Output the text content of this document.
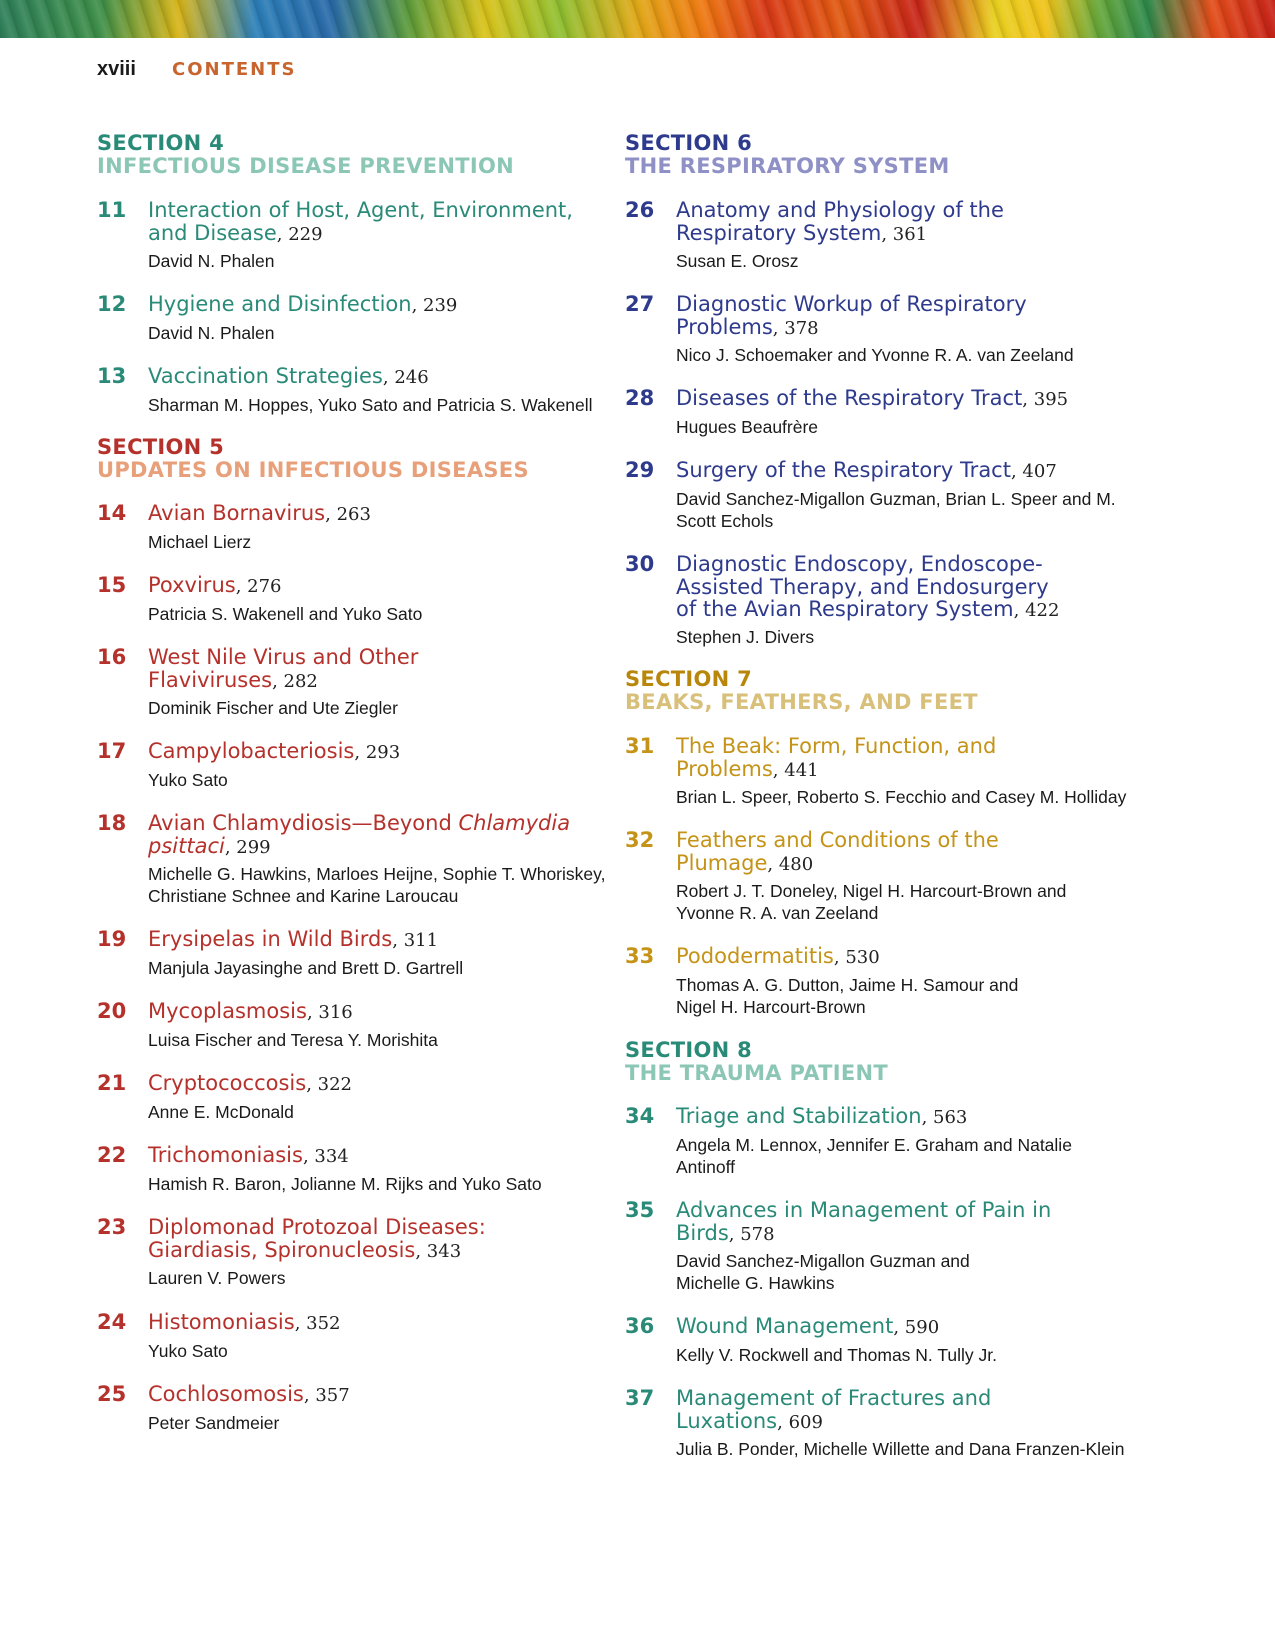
xviii CONTENTS
SECTION 4
INFECTIOUS DISEASE PREVENTION
11 Interaction of Host, Agent, Environment, and Disease, 229
David N. Phalen
12 Hygiene and Disinfection, 239
David N. Phalen
13 Vaccination Strategies, 246
Sharman M. Hoppes, Yuko Sato and Patricia S. Wakenell
SECTION 5
UPDATES ON INFECTIOUS DISEASES
14 Avian Bornavirus, 263
Michael Lierz
15 Poxvirus, 276
Patricia S. Wakenell and Yuko Sato
16 West Nile Virus and Other Flaviviruses, 282
Dominik Fischer and Ute Ziegler
17 Campylobacteriosis, 293
Yuko Sato
18 Avian Chlamydiosis—Beyond Chlamydia psittaci, 299
Michelle G. Hawkins, Marloes Heijne, Sophie T. Whoriskey, Christiane Schnee and Karine Laroucau
19 Erysipelas in Wild Birds, 311
Manjula Jayasinghe and Brett D. Gartrell
20 Mycoplasmosis, 316
Luisa Fischer and Teresa Y. Morishita
21 Cryptococcosis, 322
Anne E. McDonald
22 Trichomoniasis, 334
Hamish R. Baron, Jolianne M. Rijks and Yuko Sato
23 Diplomonad Protozoal Diseases: Giardiasis, Spironucleosis, 343
Lauren V. Powers
24 Histomoniasis, 352
Yuko Sato
25 Cochlosomosis, 357
Peter Sandmeier
SECTION 6
THE RESPIRATORY SYSTEM
26 Anatomy and Physiology of the Respiratory System, 361
Susan E. Orosz
27 Diagnostic Workup of Respiratory Problems, 378
Nico J. Schoemaker and Yvonne R. A. van Zeeland
28 Diseases of the Respiratory Tract, 395
Hugues Beaufrère
29 Surgery of the Respiratory Tract, 407
David Sanchez-Migallon Guzman, Brian L. Speer and M. Scott Echols
30 Diagnostic Endoscopy, Endoscope-Assisted Therapy, and Endosurgery of the Avian Respiratory System, 422
Stephen J. Divers
SECTION 7
BEAKS, FEATHERS, AND FEET
31 The Beak: Form, Function, and Problems, 441
Brian L. Speer, Roberto S. Fecchio and Casey M. Holliday
32 Feathers and Conditions of the Plumage, 480
Robert J. T. Doneley, Nigel H. Harcourt-Brown and Yvonne R. A. van Zeeland
33 Pododermatitis, 530
Thomas A. G. Dutton, Jaime H. Samour and Nigel H. Harcourt-Brown
SECTION 8
THE TRAUMA PATIENT
34 Triage and Stabilization, 563
Angela M. Lennox, Jennifer E. Graham and Natalie Antinoff
35 Advances in Management of Pain in Birds, 578
David Sanchez-Migallon Guzman and Michelle G. Hawkins
36 Wound Management, 590
Kelly V. Rockwell and Thomas N. Tully Jr.
37 Management of Fractures and Luxations, 609
Julia B. Ponder, Michelle Willette and Dana Franzen-Klein
